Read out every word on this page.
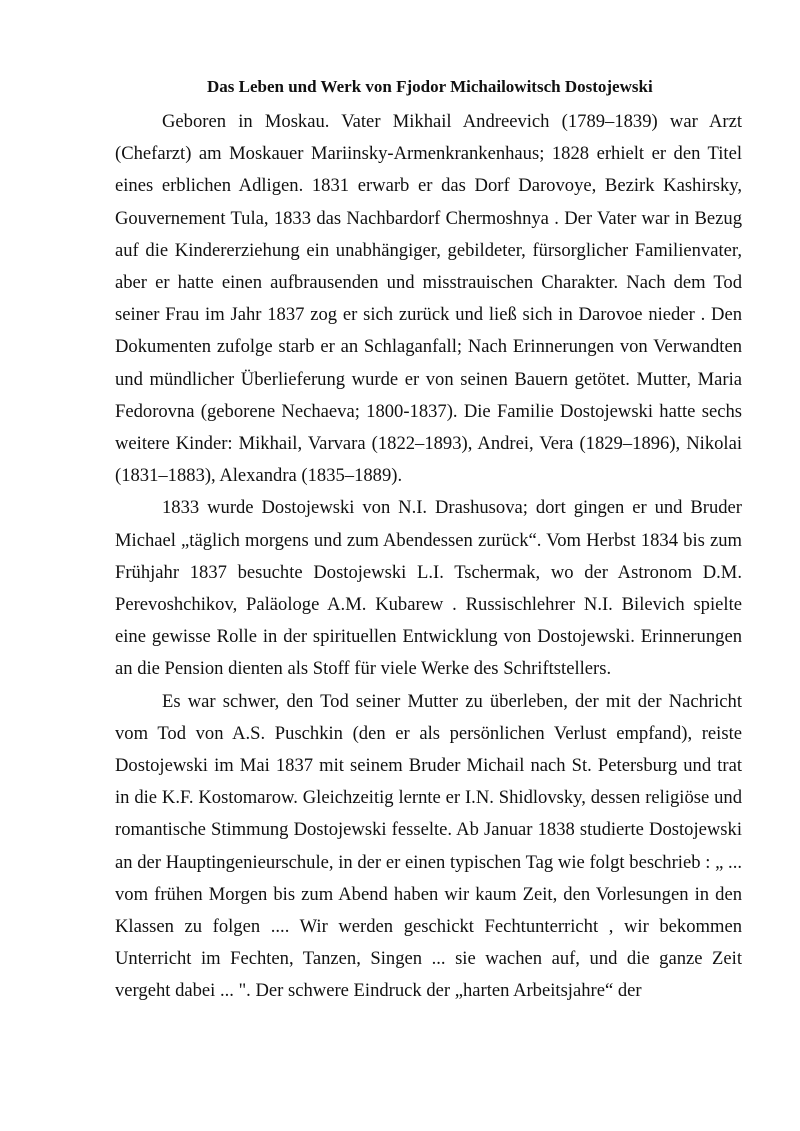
Das Leben und Werk von Fjodor Michailowitsch Dostojewski

Geboren in Moskau. Vater Mikhail Andreevich (1789–1839) war Arzt (Chefarzt) am Moskauer Mariinsky-Armenkrankenhaus; 1828 erhielt er den Titel eines erblichen Adligen. 1831 erwarb er das Dorf Darovoye, Bezirk Kashirsky, Gouvernement Tula, 1833 das Nachbardorf Chermoshnya . Der Vater war in Bezug auf die Kindererziehung ein unabhängiger, gebildeter, fürsorglicher Familienvater, aber er hatte einen aufbrausenden und misstrauischen Charakter. Nach dem Tod seiner Frau im Jahr 1837 zog er sich zurück und ließ sich in Darovoe nieder . Den Dokumenten zufolge starb er an Schlaganfall; Nach Erinnerungen von Verwandten und mündlicher Überlieferung wurde er von seinen Bauern getötet. Mutter, Maria Fedorovna (geborene Nechaeva; 1800-1837). Die Familie Dostojewski hatte sechs weitere Kinder: Mikhail, Varvara (1822–1893), Andrei, Vera (1829–1896), Nikolai (1831–1883), Alexandra (1835–1889).

1833 wurde Dostojewski von N.I. Drashusova; dort gingen er und Bruder Michael „täglich morgens und zum Abendessen zurück“. Vom Herbst 1834 bis zum Frühjahr 1837 besuchte Dostojewski L.I. Tschermak, wo der Astronom D.M. Perevoshchikov, Paläologe A.M. Kubarew . Russischlehrer N.I. Bilevich spielte eine gewisse Rolle in der spirituellen Entwicklung von Dostojewski. Erinnerungen an die Pension dienten als Stoff für viele Werke des Schriftstellers.

Es war schwer, den Tod seiner Mutter zu überleben, der mit der Nachricht vom Tod von A.S. Puschkin (den er als persönlichen Verlust empfand), reiste Dostojewski im Mai 1837 mit seinem Bruder Michail nach St. Petersburg und trat in die K.F. Kostomarow. Gleichzeitig lernte er I.N. Shidlovsky, dessen religiöse und romantische Stimmung Dostojewski fesselte. Ab Januar 1838 studierte Dostojewski an der Hauptingenieurschule, in der er einen typischen Tag wie folgt beschrieb : „ ... vom frühen Morgen bis zum Abend haben wir kaum Zeit, den Vorlesungen in den Klassen zu folgen .... Wir werden geschickt Fechtunterricht , wir bekommen Unterricht im Fechten, Tanzen, Singen ... sie wachen auf, und die ganze Zeit vergeht dabei ... ". Der schwere Eindruck der „harten Arbeitsjahre“ der
